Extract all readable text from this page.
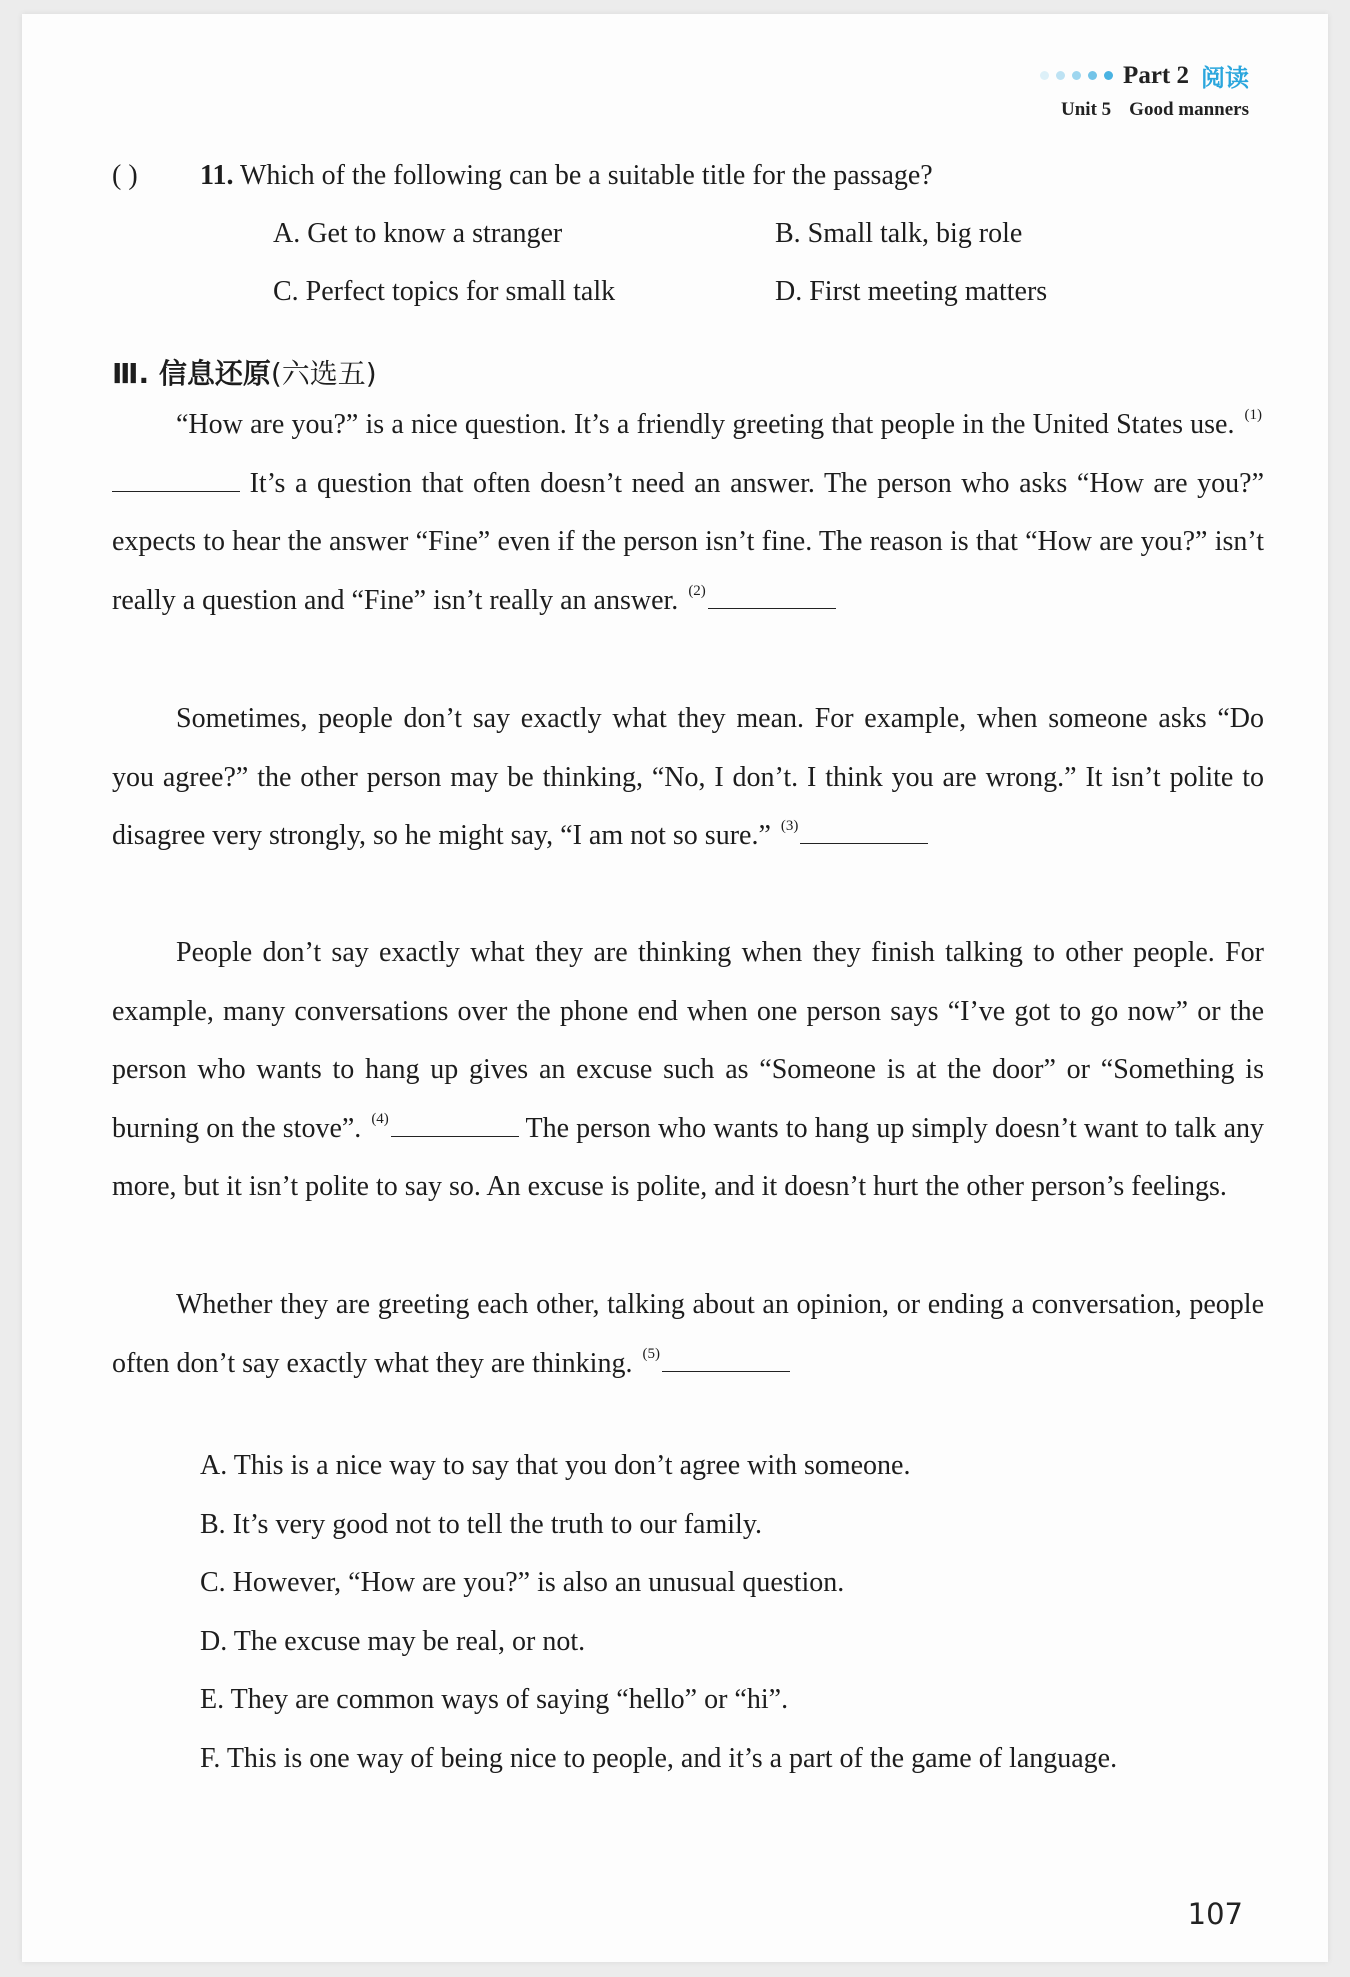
Part 2 阅读
Unit 5 Good manners
( ) 11. Which of the following can be a suitable title for the passage?
A. Get to know a stranger	B. Small talk, big role
C. Perfect topics for small talk	D. First meeting matters
Ⅲ. 信息还原(六选五)
“How are you?” is a nice question. It’s a friendly greeting that people in the United States use. $^{(1)}$ It’s a question that often doesn’t need an answer. The person who asks “How are you?” expects to hear the answer “Fine” even if the person isn’t fine. The reason is that “How are you?” isn’t really a question and “Fine” isn’t really an answer. $^{(2)}$
Sometimes, people don’t say exactly what they mean. For example, when someone asks “Do you agree?” the other person may be thinking, “No, I don’t. I think you are wrong.” It isn’t polite to disagree very strongly, so he might say, “I am not so sure.” $^{(3)}$
People don’t say exactly what they are thinking when they finish talking to other people. For example, many conversations over the phone end when one person says “I’ve got to go now” or the person who wants to hang up gives an excuse such as “Someone is at the door” or “Something is burning on the stove”. $^{(4)}$	The person who wants to hang up simply doesn’t want to talk any more, but it isn’t polite to say so. An excuse is polite, and it doesn’t hurt the other person’s feelings.
Whether they are greeting each other, talking about an opinion, or ending a conversation, people often don’t say exactly what they are thinking. $^{(5)}$
A. This is a nice way to say that you don’t agree with someone.
B. It’s very good not to tell the truth to our family.
C. However, “How are you?” is also an unusual question.
D. The excuse may be real, or not.
E. They are common ways of saying “hello” or “hi”.
F. This is one way of being nice to people, and it’s a part of the game of language.
107
